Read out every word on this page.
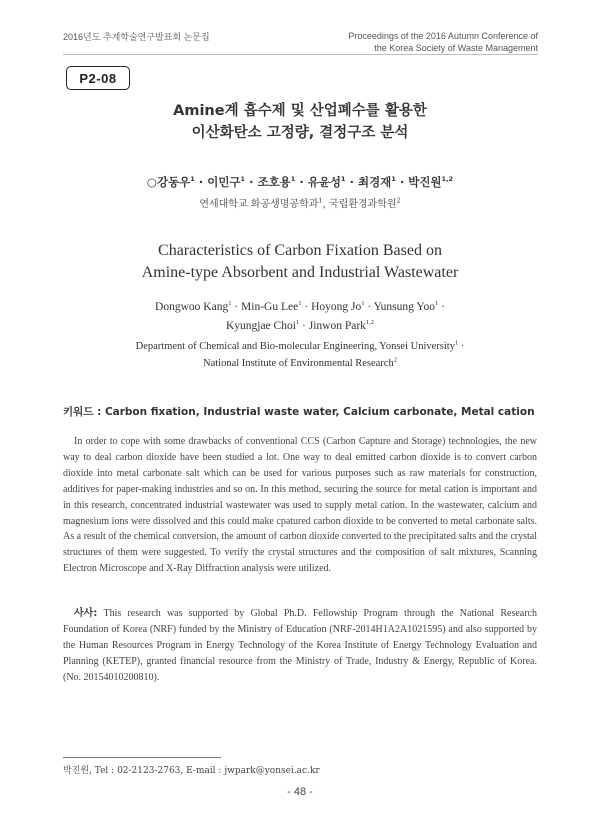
2016년도 추계학술연구발표회 논문집	Proceedings of the 2016 Autumn Conference of
the Korea Society of Waste Management
P2-08
Amine계 흡수제 및 산업폐수를 활용한
이산화탄소 고정량, 결정구조 분석
○강동우$^1$ · 이민구$^1$ · 조호용$^1$ · 유윤성$^1$ · 최경재$^1$ · 박진원$^{1,2}$
연세대학교 화공생명공학과$^1$, 국립환경과학원$^2$
Characteristics of Carbon Fixation Based on
Amine-type Absorbent and Industrial Wastewater
Dongwoo Kang$^1$ · Min-Gu Lee$^1$ · Hoyong $Jo^1$ · Yunsung Yoo$^1$ ·
Kyungjae Choi$^1$ · Jinwon Park$^{1,2}$
Department of Chemical and Bio-molecular Engineering, Yonsei University$^1$ ·
National Institute of Environmental Research$^2$
키워드 : Carbon fixation, Industrial waste water, Calcium carbonate, Metal cation
In order to cope with some drawbacks of conventional CCS (Carbon Capture and Storage) technologies, the new way to deal carbon dioxide have been studied a lot. One way to deal emitted carbon dioxide is to convert carbon dioxide into metal carbonate salt which can be used for various purposes such as raw materials for construction, additives for paper-making industries and so on. In this method, securing the source for metal cation is important and in this research, concentrated industrial wastewater was used to supply metal cation. In the wastewater, calcium and magnesium ions were dissolved and this could make cpatured carbon dioxide to be converted to metal carbonate salts. As a result of the chemical conversion, the amount of carbon dioxide converted to the precipitated salts and the crystal structures of them were suggested. To verify the crystal structures and the composition of salt mixtures, Scanning Electron Microscope and X-Ray Diffraction analysis were utilized.
사사: This research was supported by Global Ph.D. Fellowship Program through the National Research Foundation of Korea (NRF) funded by the Ministry of Education (NRF-2014H1A2A1021595) and also supported by the Human Resources Program in Energy Technology of the Korea Institute of Energy Technology Evaluation and Planning (KETEP), granted financial resource from the Ministry of Trade, Industry & Energy, Republic of Korea. (No. 20154010200810).
박진원, Tel : 02-2123-2763, E-mail : jwpark@yonsei.ac.kr
- 48 -
